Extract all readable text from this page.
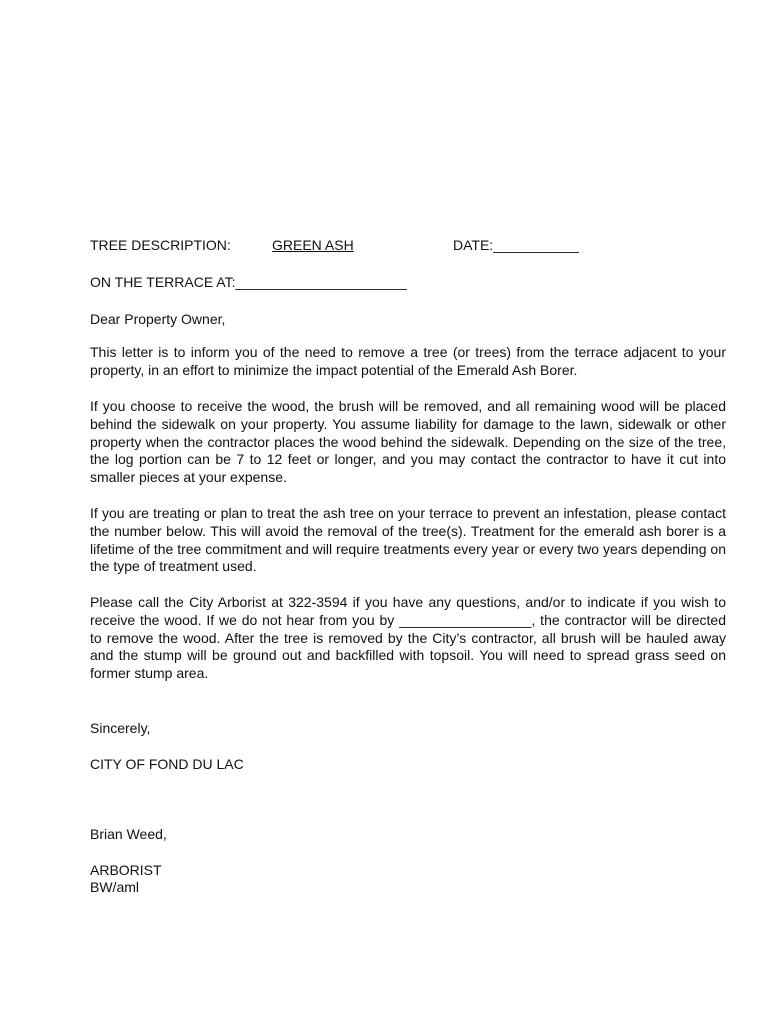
TREE DESCRIPTION:	GREEN ASH	DATE:___________
ON THE TERRACE AT:______________________
Dear Property Owner,
This letter is to inform you of the need to remove a tree (or trees) from the terrace adjacent to your property, in an effort to minimize the impact potential of the Emerald Ash Borer.
If you choose to receive the wood, the brush will be removed, and all remaining wood will be placed behind the sidewalk on your property. You assume liability for damage to the lawn, sidewalk or other property when the contractor places the wood behind the sidewalk. Depending on the size of the tree, the log portion can be 7 to 12 feet or longer, and you may contact the contractor to have it cut into smaller pieces at your expense.
If you are treating or plan to treat the ash tree on your terrace to prevent an infestation, please contact the number below. This will avoid the removal of the tree(s). Treatment for the emerald ash borer is a lifetime of the tree commitment and will require treatments every year or every two years depending on the type of treatment used.
Please call the City Arborist at 322-3594 if you have any questions, and/or to indicate if you wish to receive the wood. If we do not hear from you by _________________, the contractor will be directed to remove the wood. After the tree is removed by the City’s contractor, all brush will be hauled away and the stump will be ground out and backfilled with topsoil. You will need to spread grass seed on former stump area.
Sincerely,
CITY OF FOND DU LAC
Brian Weed,
ARBORIST
BW/aml
